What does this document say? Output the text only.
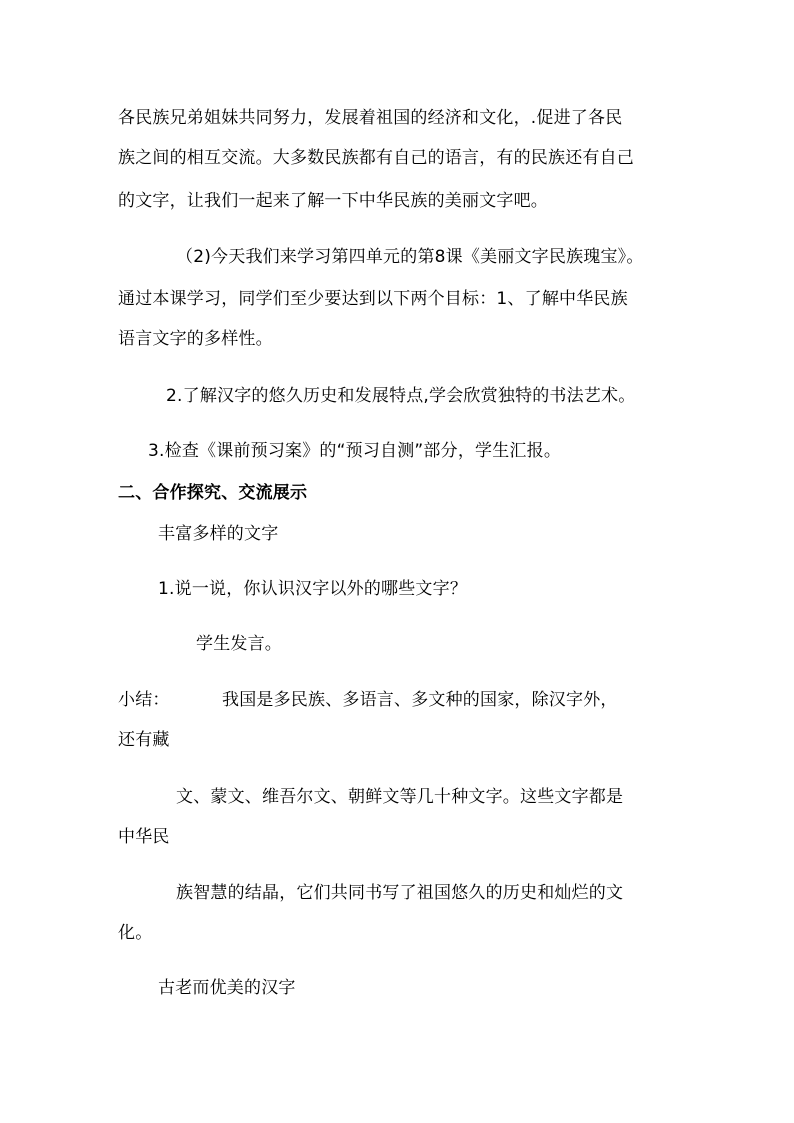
各民族兄弟姐妹共同努力，发展着祖国的经济和文化，.促进了各民
族之间的相互交流。大多数民族都有自己的语言，有的民族还有自己
的文字，让我们一起来了解一下中华民族的美丽文字吧。
（2)今天我们来学习第四单元的第8课《美丽文字民族瑰宝》。
通过本课学习，同学们至少要达到以下两个目标：1、了解中华民族
语言文字的多样性。
2.了解汉字的悠久历史和发展特点,学会欣赏独特的书法艺术。
3.检查《课前预习案》的“预习自测”部分，学生汇报。
二、合作探究、交流展示
丰富多样的文字
1.说一说，你认识汉字以外的哪些文字？
学生发言。
小结：	我国是多民族、多语言、多文种的国家，除汉字外，
还有藏
文、蒙文、维吾尔文、朝鲜文等几十种文字。这些文字都是
中华民
族智慧的结晶，它们共同书写了祖国悠久的历史和灿烂的文
化。
古老而优美的汉字
